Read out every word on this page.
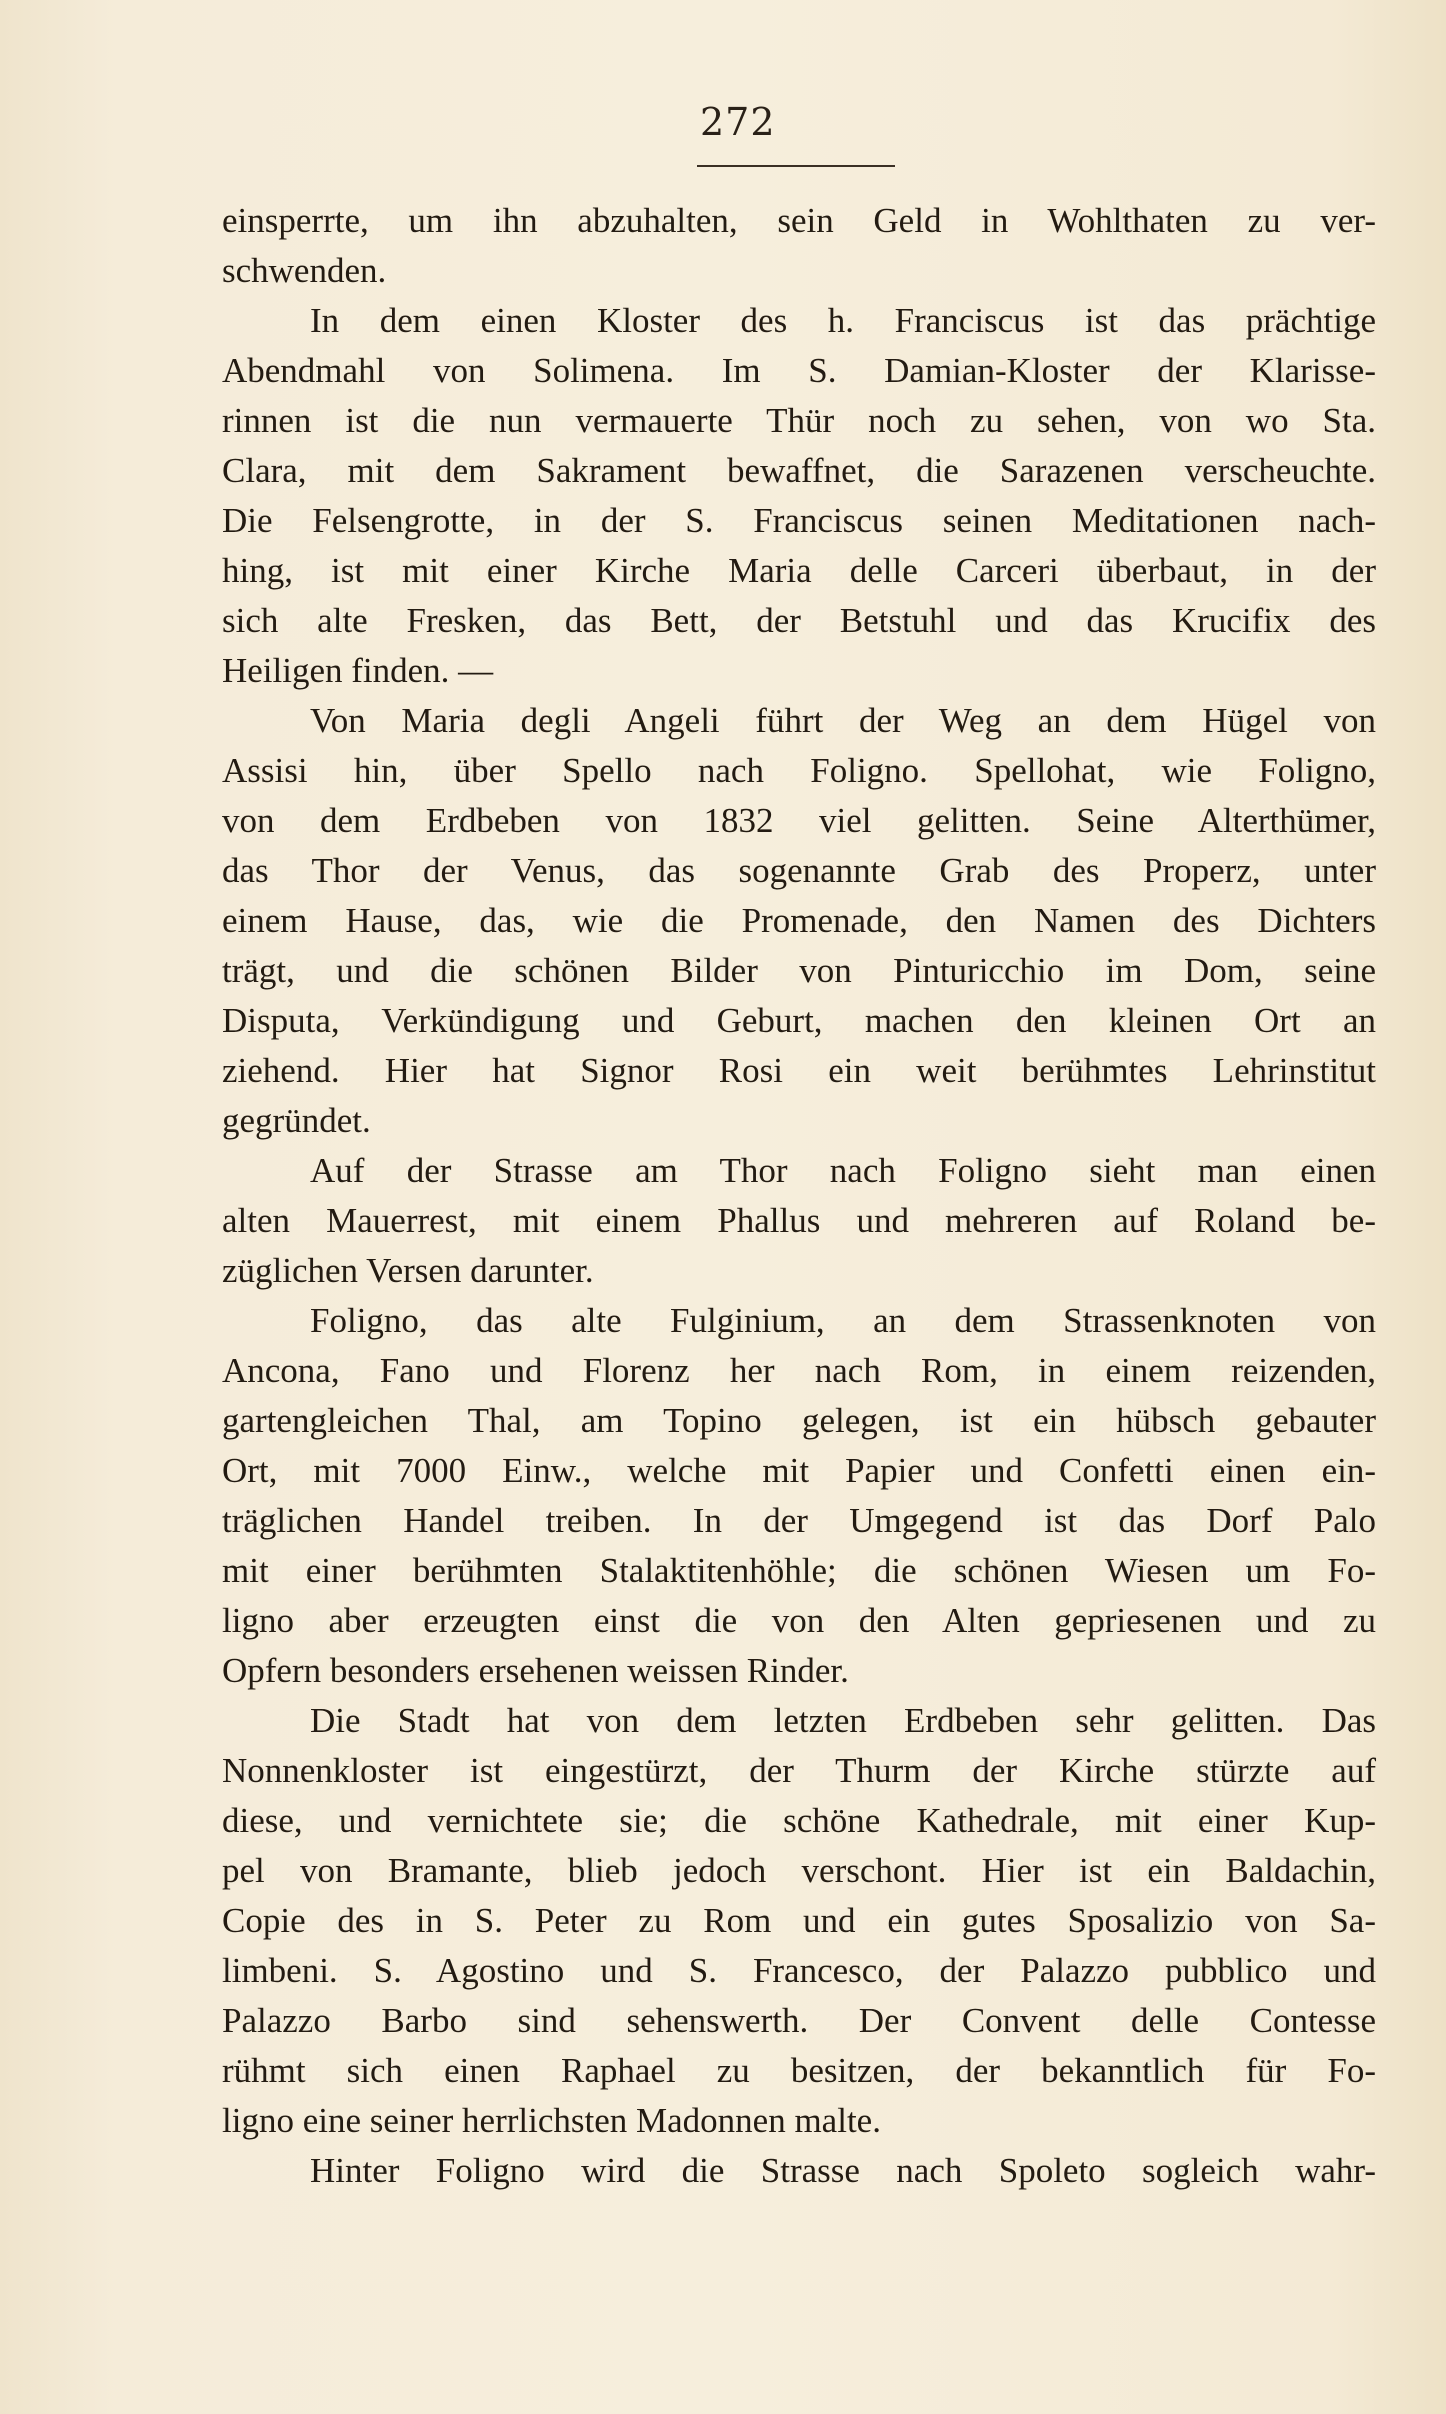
272
einsperrte, um ihn abzuhalten, sein Geld in Wohlthaten zu ver-
schwenden.
In dem einen Kloster des h. Franciscus ist das prächtige
Abendmahl von Solimena. Im S. Damian-Kloster der Klarisse-
rinnen ist die nun vermauerte Thür noch zu sehen, von wo Sta.
Clara, mit dem Sakrament bewaffnet, die Sarazenen verscheuchte.
Die Felsengrotte, in der S. Franciscus seinen Meditationen nach-
hing, ist mit einer Kirche Maria delle Carceri überbaut, in der
sich alte Fresken, das Bett, der Betstuhl und das Krucifix des
Heiligen finden. —
Von Maria degli Angeli führt der Weg an dem Hügel von
Assisi hin, über Spello nach Foligno. Spellohat, wie Foligno,
von dem Erdbeben von 1832 viel gelitten. Seine Alterthümer,
das Thor der Venus, das sogenannte Grab des Properz, unter
einem Hause, das, wie die Promenade, den Namen des Dichters
trägt, und die schönen Bilder von Pinturicchio im Dom, seine
Disputa, Verkündigung und Geburt, machen den kleinen Ort an
ziehend. Hier hat Signor Rosi ein weit berühmtes Lehrinstitut
gegründet.
Auf der Strasse am Thor nach Foligno sieht man einen
alten Mauerrest, mit einem Phallus und mehreren auf Roland be-
züglichen Versen darunter.
Foligno, das alte Fulginium, an dem Strassenknoten von
Ancona, Fano und Florenz her nach Rom, in einem reizenden,
gartengleichen Thal, am Topino gelegen, ist ein hübsch gebauter
Ort, mit 7000 Einw., welche mit Papier und Confetti einen ein-
träglichen Handel treiben. In der Umgegend ist das Dorf Palo
mit einer berühmten Stalaktitenhöhle; die schönen Wiesen um Fo-
ligno aber erzeugten einst die von den Alten gepriesenen und zu
Opfern besonders ersehenen weissen Rinder.
Die Stadt hat von dem letzten Erdbeben sehr gelitten. Das
Nonnenkloster ist eingestürzt, der Thurm der Kirche stürzte auf
diese, und vernichtete sie; die schöne Kathedrale, mit einer Kup-
pel von Bramante, blieb jedoch verschont. Hier ist ein Baldachin,
Copie des in S. Peter zu Rom und ein gutes Sposalizio von Sa-
limbeni. S. Agostino und S. Francesco, der Palazzo pubblico und
Palazzo Barbo sind sehenswerth. Der Convent delle Contesse
rühmt sich einen Raphael zu besitzen, der bekanntlich für Fo-
ligno eine seiner herrlichsten Madonnen malte.
Hinter Foligno wird die Strasse nach Spoleto sogleich wahr-
